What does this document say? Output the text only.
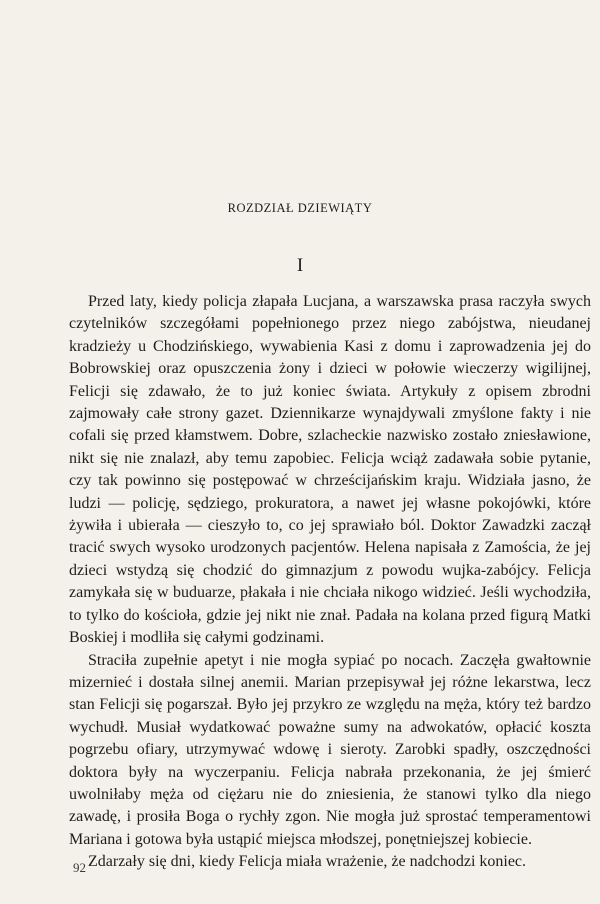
ROZDZIAŁ DZIEWIĄTY
I

Przed laty, kiedy policja złapała Lucjana, a warszawska prasa raczyła swych
czytelników szczegółami popełnionego przez niego zabójstwa, nieudanej
kradzieży u Chodzińskiego, wywabienia Kasi z domu i zaprowadzenia jej do
Bobrowskiej oraz opuszczenia żony i dzieci w połowie wieczerzy wigilijnej,
Felicji się zdawało, że to już koniec świata. Artykuły z opisem zbrodni
zajmowały całe strony gazet. Dziennikarze wynajdywali zmyślone fakty i nie
cofali się przed kłamstwem. Dobre, szlacheckie nazwisko zostało zniesławione,
nikt się nie znalazł, aby temu zapobiec. Felicja wciąż zadawała sobie pytanie,
czy tak powinno się postępować w chrześcijańskim kraju. Widziała jasno, że
ludzi — policję, sędziego, prokuratora, a nawet jej własne pokojówki, które
żywiła i ubierała — cieszyło to, co jej sprawiało ból. Doktor Zawadzki zaczął
tracić swych wysoko urodzonych pacjentów. Helena napisała z Zamościa, że jej
dzieci wstydzą się chodzić do gimnazjum z powodu wujka-zabójcy. Felicja
zamykała się w buduarze, płakała i nie chciała nikogo widzieć. Jeśli wychodziła,
to tylko do kościoła, gdzie jej nikt nie znał. Padała na kolana przed figurą Matki
Boskiej i modliła się całymi godzinami.

Straciła zupełnie apetyt i nie mogła sypiać po nocach. Zaczęła gwałtownie
mizernieć i dostała silnej anemii. Marian przepisywał jej różne lekarstwa, lecz
stan Felicji się pogarszał. Było jej przykro ze względu na męża, który też bardzo
wychudł. Musiał wydatkować poważne sumy na adwokatów, opłacić koszta
pogrzebu ofiary, utrzymywać wdowę i sieroty. Zarobki spadły, oszczędności
doktora były na wyczerpaniu. Felicja nabrała przekonania, że jej śmierć
uwolniłaby męża od ciężaru nie do zniesienia, że stanowi tylko dla niego
zawadę, i prosiła Boga o rychły zgon. Nie mogła już sprostać temperamentowi
Mariana i gotowa była ustąpić miejsca młodszej, ponętniejszej kobiecie.

Zdarzały się dni, kiedy Felicja miała wrażenie, że nadchodzi koniec.

92
